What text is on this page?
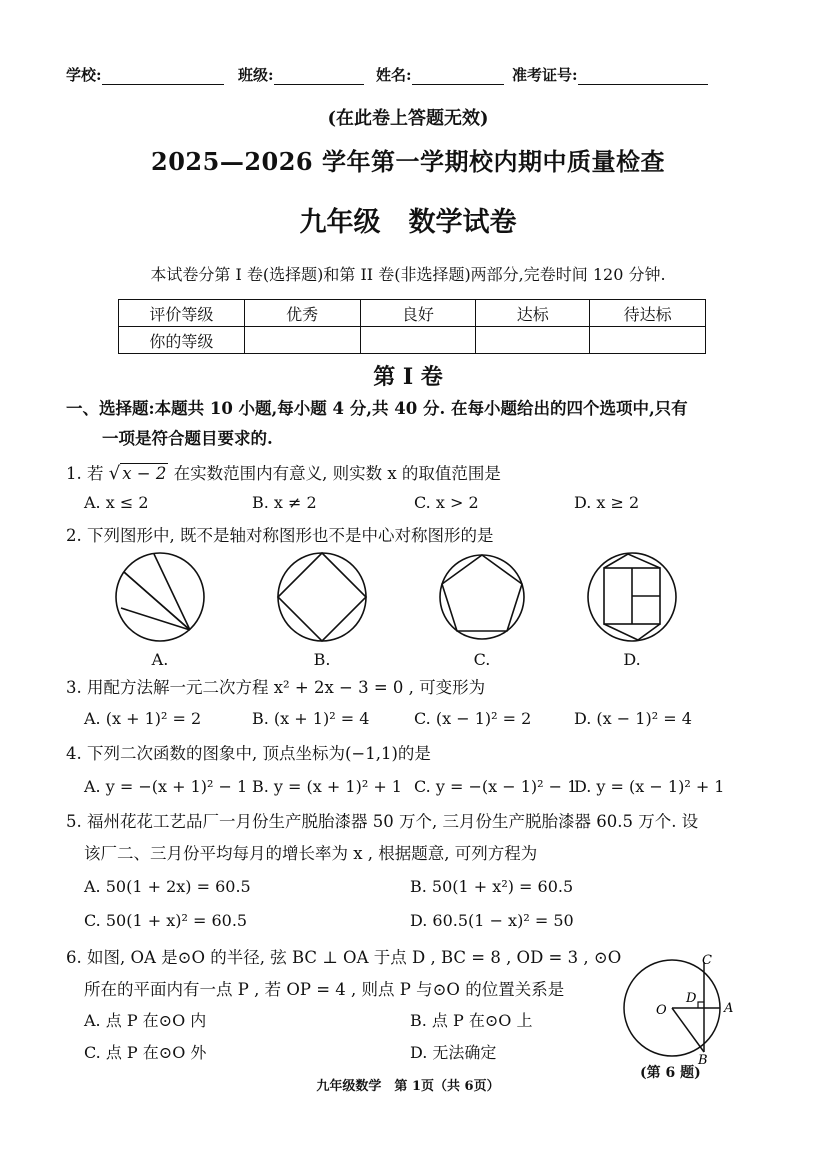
学校:	班级:	姓名:	准考证号:
(在此卷上答题无效)
2025—2026 学年第一学期校内期中质量检查
九年级 数学试卷
本试卷分第 I 卷(选择题)和第 II 卷(非选择题)两部分,完卷时间 120 分钟.
评价等级	优秀	良好	达标	待达标
你的等级				
第 I 卷
一、选择题:本题共 10 小题,每小题 4 分,共 40 分. 在每小题给出的四个选项中,只有
一项是符合题目要求的.
1. 若 √ x − 2 在实数范围内有意义, 则实数 x 的取值范围是
A. x ≤ 2	B. x ≠ 2	C. x > 2	D. x ≥ 2
2. 下列图形中, 既不是轴对称图形也不是中心对称图形的是
A.	B.	C.	D.
3. 用配方法解一元二次方程 x² + 2x − 3 = 0 , 可变形为
A. (x + 1)² = 2	B. (x + 1)² = 4	C. (x − 1)² = 2	D. (x − 1)² = 4
4. 下列二次函数的图象中, 顶点坐标为(−1,1)的是
A. y = −(x + 1)² − 1 B. y = (x + 1)² + 1 C. y = −(x − 1)² − 1
D. y = (x − 1)² + 1
5. 福州花花工艺品厂一月份生产脱胎漆器 50 万个, 三月份生产脱胎漆器 60.5 万个. 设
该厂二、三月份平均每月的增长率为 x , 根据题意, 可列方程为
A. 50(1 + 2x) = 60.5	B. 50(1 + x²) = 60.5
C. 50(1 + x)² = 60.5	D. 60.5(1 − x)² = 50
6. 如图, OA 是⊙O 的半径, 弦 BC ⊥ OA 于点 D , BC = 8 , OD = 3 , ⊙O
所在的平面内有一点 P , 若 OP = 4 , 则点 P 与⊙O 的位置关系是
A. 点 P 在⊙O 内	B. 点 P 在⊙O 上
C. 点 P 在⊙O 外	D. 无法确定
C
D
O	A
B
(第 6 题)
九年级数学　第 1页（共 6页）
